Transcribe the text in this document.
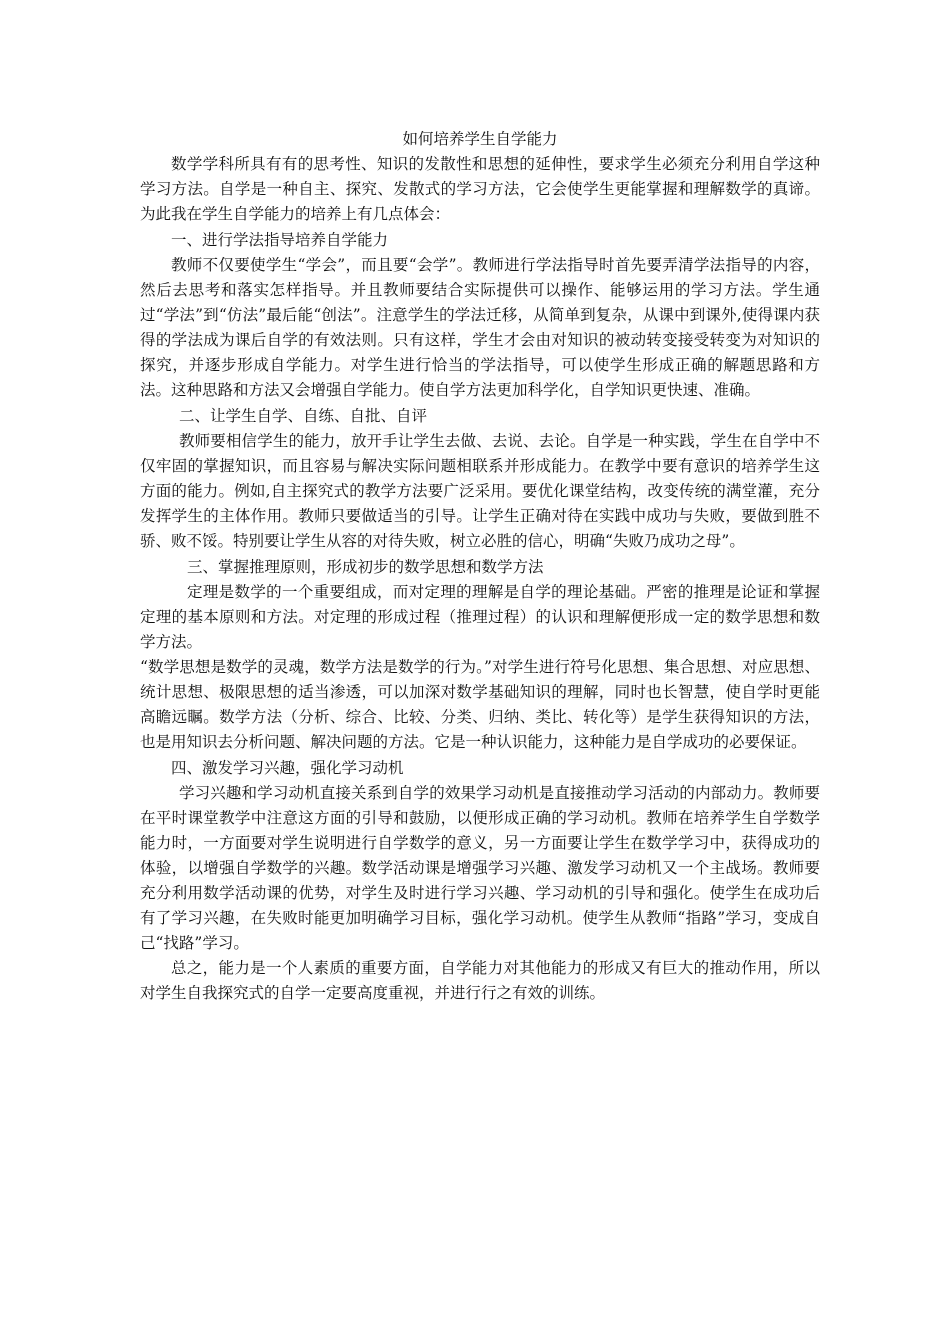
如何培养学生自学能力

数学学科所具有有的思考性、知识的发散性和思想的延伸性，要求学生必须充分利用自学这种学习方法。自学是一种自主、探究、发散式的学习方法，它会使学生更能掌握和理解数学的真谛。为此我在学生自学能力的培养上有几点体会：

一、进行学法指导培养自学能力

教师不仅要使学生“学会”，而且要“会学”。教师进行学法指导时首先要弄清学法指导的内容，然后去思考和落实怎样指导。并且教师要结合实际提供可以操作、能够运用的学习方法。学生通过“学法”到“仿法”最后能“创法”。注意学生的学法迁移，从简单到复杂，从课中到课外,使得课内获得的学法成为课后自学的有效法则。只有这样，学生才会由对知识的被动转变接受转变为对知识的探究，并逐步形成自学能力。对学生进行恰当的学法指导，可以使学生形成正确的解题思路和方法。这种思路和方法又会增强自学能力。使自学方法更加科学化，自学知识更快速、准确。

二、让学生自学、自练、自批、自评

教师要相信学生的能力，放开手让学生去做、去说、去论。自学是一种实践，学生在自学中不仅牢固的掌握知识，而且容易与解决实际问题相联系并形成能力。在教学中要有意识的培养学生这方面的能力。例如,自主探究式的教学方法要广泛采用。要优化课堂结构，改变传统的满堂灌，充分发挥学生的主体作用。教师只要做适当的引导。让学生正确对待在实践中成功与失败，要做到胜不骄、败不馁。特别要让学生从容的对待失败，树立必胜的信心，明确“失败乃成功之母”。

三、掌握推理原则，形成初步的数学思想和数学方法

定理是数学的一个重要组成，而对定理的理解是自学的理论基础。严密的推理是论证和掌握定理的基本原则和方法。对定理的形成过程（推理过程）的认识和理解便形成一定的数学思想和数学方法。

“数学思想是数学的灵魂，数学方法是数学的行为。”对学生进行符号化思想、集合思想、对应思想、统计思想、极限思想的适当渗透，可以加深对数学基础知识的理解，同时也长智慧，使自学时更能高瞻远瞩。数学方法（分析、综合、比较、分类、归纳、类比、转化等）是学生获得知识的方法，也是用知识去分析问题、解决问题的方法。它是一种认识能力，这种能力是自学成功的必要保证。

四、激发学习兴趣，强化学习动机

学习兴趣和学习动机直接关系到自学的效果学习动机是直接推动学习活动的内部动力。教师要在平时课堂教学中注意这方面的引导和鼓励，以便形成正确的学习动机。教师在培养学生自学数学能力时，一方面要对学生说明进行自学数学的意义，另一方面要让学生在数学学习中，获得成功的体验，以增强自学数学的兴趣。数学活动课是增强学习兴趣、激发学习动机又一个主战场。教师要充分利用数学活动课的优势，对学生及时进行学习兴趣、学习动机的引导和强化。使学生在成功后有了学习兴趣，在失败时能更加明确学习目标，强化学习动机。使学生从教师“指路”学习，变成自己“找路”学习。

总之，能力是一个人素质的重要方面，自学能力对其他能力的形成又有巨大的推动作用，所以对学生自我探究式的自学一定要高度重视，并进行行之有效的训练。
